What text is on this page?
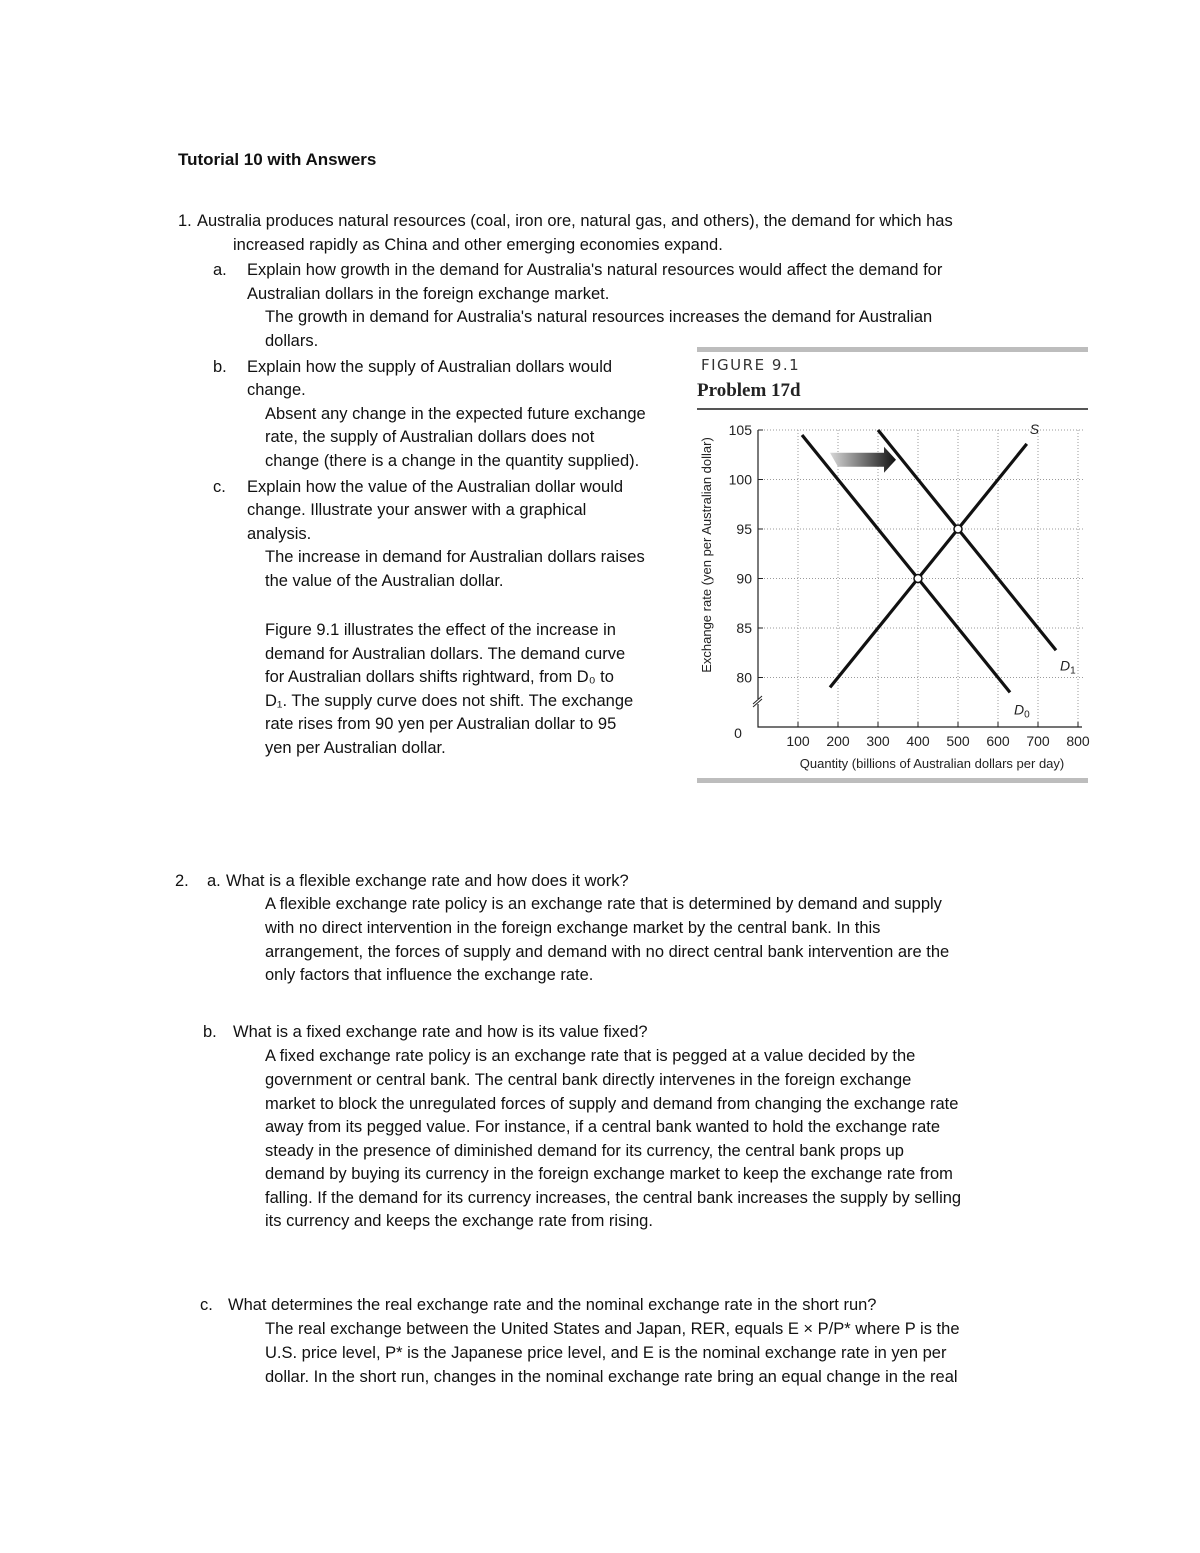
Tutorial 10 with Answers
1. Australia produces natural resources (coal, iron ore, natural gas, and others), the demand for which has
increased rapidly as China and other emerging economies expand.
a. Explain how growth in the demand for Australia's natural resources would affect the demand for
Australian dollars in the foreign exchange market.
The growth in demand for Australia's natural resources increases the demand for Australian
dollars.
b. Explain how the supply of Australian dollars would
change.
Absent any change in the expected future exchange
rate, the supply of Australian dollars does not
change (there is a change in the quantity supplied).
c. Explain how the value of the Australian dollar would
change. Illustrate your answer with a graphical
analysis.
The increase in demand for Australian dollars raises
the value of the Australian dollar.
Figure 9.1 illustrates the effect of the increase in
demand for Australian dollars. The demand curve
for Australian dollars shifts rightward, from D₀ to
D₁. The supply curve does not shift. The exchange
rate rises from 90 yen per Australian dollar to 95
yen per Australian dollar.
FIGURE 9.1
Problem 17d
80
85
90
95
100
105
100 200 300 400 500 600 700 800
Exchange rate (yen per Australian dollar)
Quantity (billions of Australian dollars per day)
0
$D_0$
$D_1$
S
2. a. What is a flexible exchange rate and how does it work?
A flexible exchange rate policy is an exchange rate that is determined by demand and supply
with no direct intervention in the foreign exchange market by the central bank. In this
arrangement, the forces of supply and demand with no direct central bank intervention are the
only factors that influence the exchange rate.
b. What is a fixed exchange rate and how is its value fixed?
A fixed exchange rate policy is an exchange rate that is pegged at a value decided by the
government or central bank. The central bank directly intervenes in the foreign exchange
market to block the unregulated forces of supply and demand from changing the exchange rate
away from its pegged value. For instance, if a central bank wanted to hold the exchange rate
steady in the presence of diminished demand for its currency, the central bank props up
demand by buying its currency in the foreign exchange market to keep the exchange rate from
falling. If the demand for its currency increases, the central bank increases the supply by selling
its currency and keeps the exchange rate from rising.
c. What determines the real exchange rate and the nominal exchange rate in the short run?
The real exchange between the United States and Japan, RER, equals E × P/P* where P is the
U.S. price level, P* is the Japanese price level, and E is the nominal exchange rate in yen per
dollar. In the short run, changes in the nominal exchange rate bring an equal change in the real
